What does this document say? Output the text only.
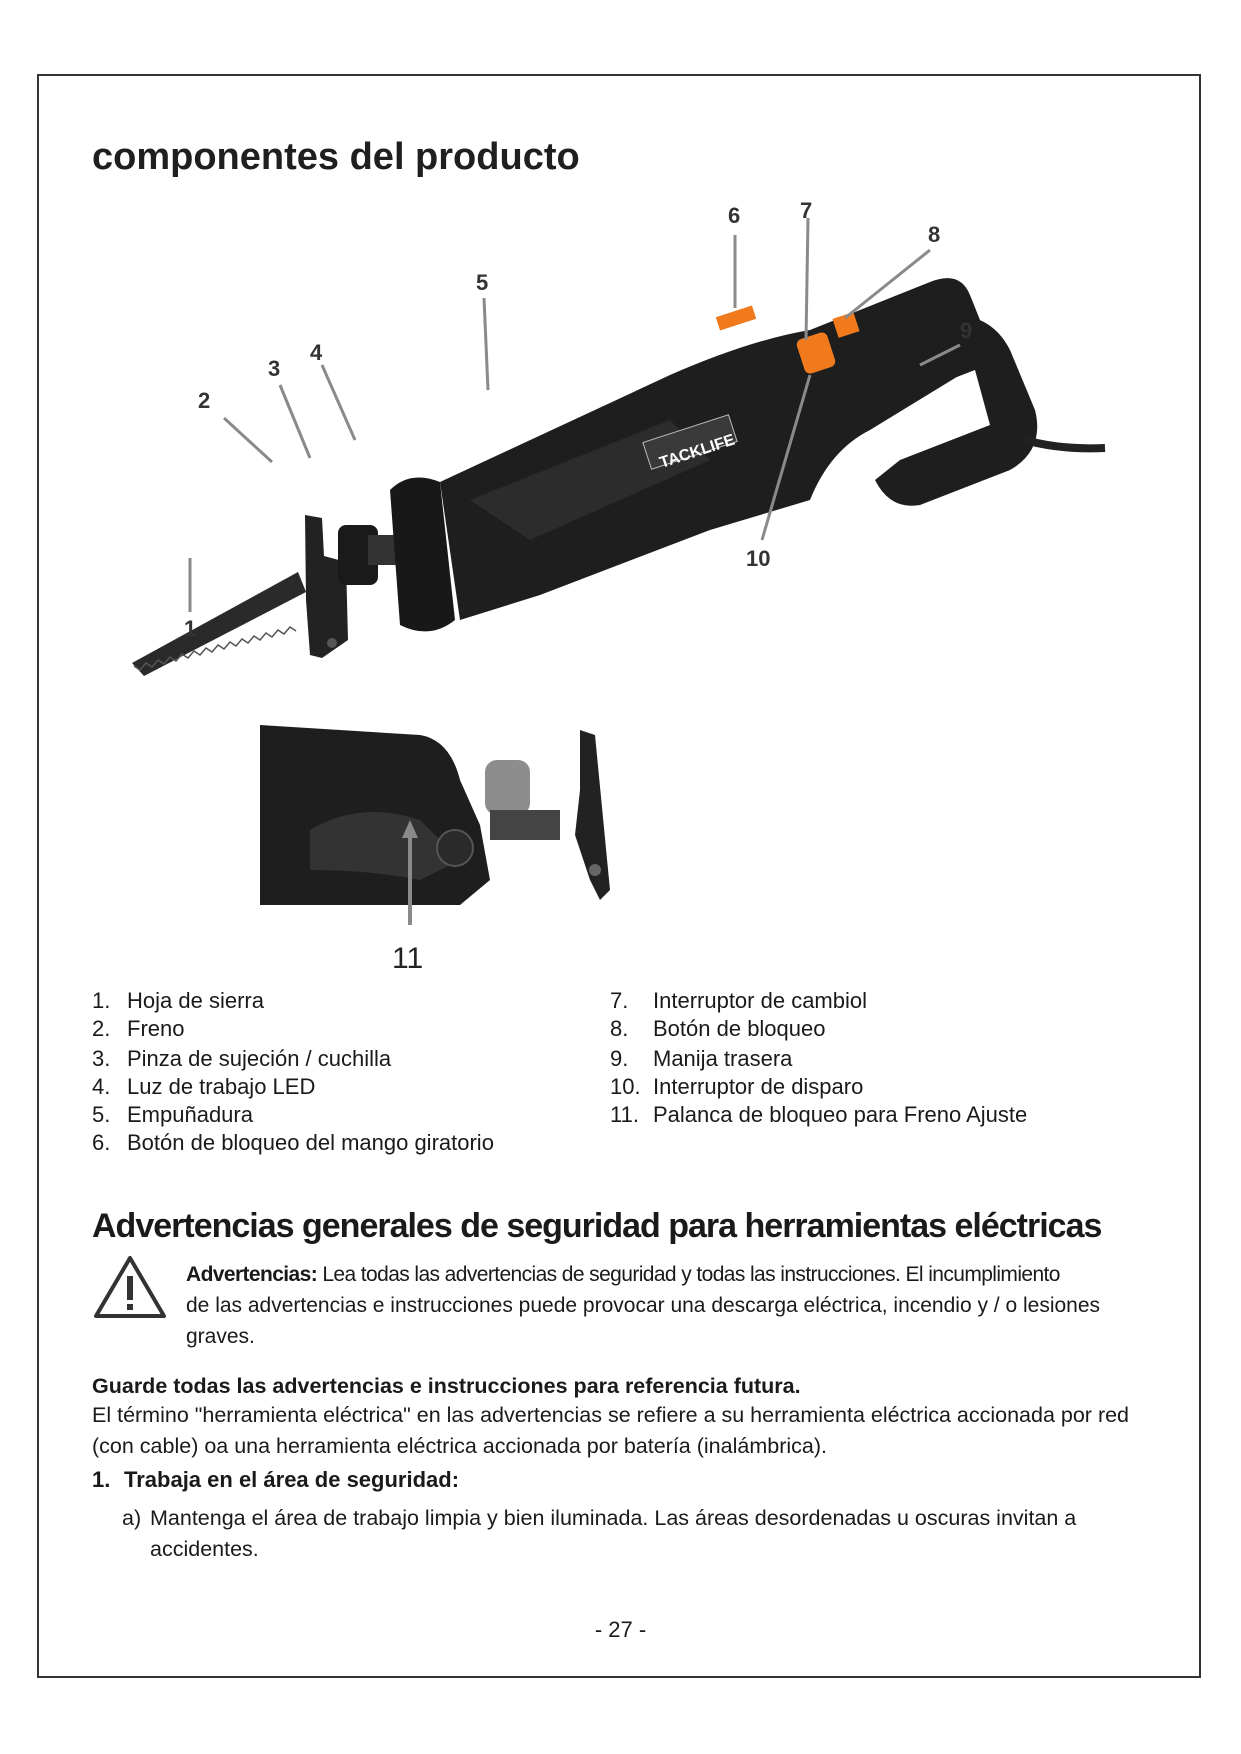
componentes del producto
TACKLIFE
1
2
3
4
5
6	7
8
9
10
11
1. Hoja de sierra
2. Freno
3. Pinza de sujeción / cuchilla
4. Luz de trabajo LED
5. Empuñadura
6. Botón de bloqueo del mango giratorio
7.	Interruptor de cambiol
8.	Botón de bloqueo
9.	Manija trasera
10. Interruptor de disparo
11. Palanca de bloqueo para Freno Ajuste
Advertencias generales de seguridad para herramientas eléctricas
Advertencias: Lea todas las advertencias de seguridad y todas las instrucciones. El incumplimiento
de las advertencias e instrucciones puede provocar una descarga eléctrica, incendio y / o lesiones graves.
Guarde todas las advertencias e instrucciones para referencia futura.
El término "herramienta eléctrica" en las advertencias se refiere a su herramienta eléctrica accionada por red (con cable) oa una herramienta eléctrica accionada por batería (inalámbrica).
1. Trabaja en el área de seguridad:
a) Mantenga el área de trabajo limpia y bien iluminada. Las áreas desordenadas u oscuras invitan a accidentes.
- 27 -
